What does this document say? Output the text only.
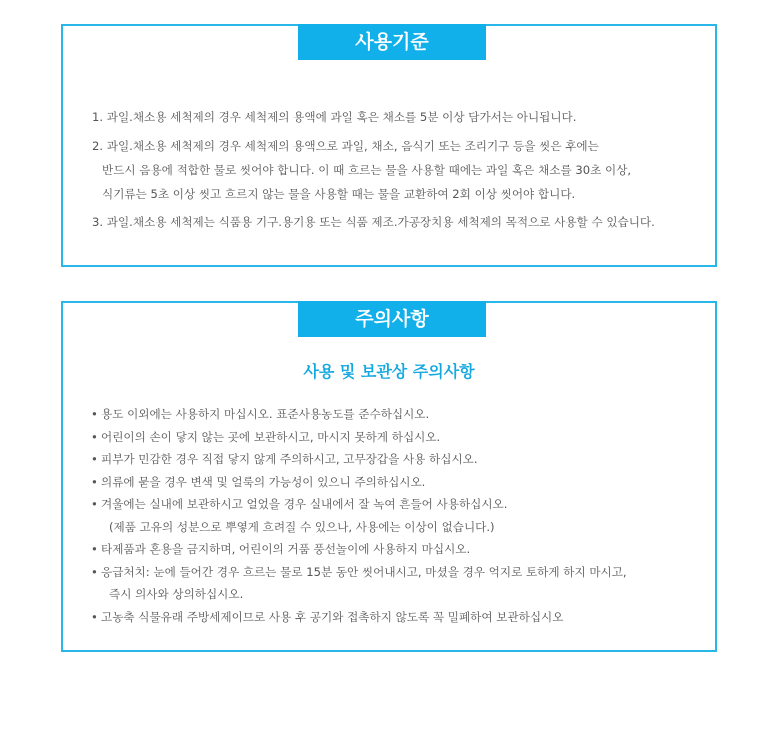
사용기준
1. 과일.채소용 세척제의 경우 세척제의 용액에 과일 혹은 채소를 5분 이상 담가서는 아니됩니다.
2. 과일.채소용 세척제의 경우 세척제의 용액으로 과일, 채소, 음식기 또는 조리기구 등을 씻은 후에는
반드시 음용에 적합한 물로 씻어야 합니다. 이 때 흐르는 물을 사용할 때에는 과일 혹은 채소를 30초 이상,
식기류는 5초 이상 씻고 흐르지 않는 물을 사용할 때는 물을 교환하여 2회 이상 씻어야 합니다.
3. 과일.채소용 세척제는 식품용 기구.용기용 또는 식품 제조.가공장치용 세척제의 목적으로 사용할 수 있습니다.
주의사항
사용 및 보관상 주의사항
• 용도 이외에는 사용하지 마십시오. 표준사용농도를 준수하십시오.
• 어린이의 손이 닿지 않는 곳에 보관하시고, 마시지 못하게 하십시오.
• 피부가 민감한 경우 직접 닿지 않게 주의하시고, 고무장갑을 사용 하십시오.
• 의류에 묻을 경우 변색 및 얼룩의 가능성이 있으니 주의하십시오.
• 겨울에는 실내에 보관하시고 얼었을 경우 실내에서 잘 녹여 흔들어 사용하십시오.
(제품 고유의 성분으로 뿌옇게 흐려질 수 있으나, 사용에는 이상이 없습니다.)
• 타제품과 혼용을 금지하며, 어린이의 거품 풍선놀이에 사용하지 마십시오.
• 응급처치: 눈에 들어간 경우 흐르는 물로 15분 동안 씻어내시고, 마셨을 경우 억지로 토하게 하지 마시고,
즉시 의사와 상의하십시오.
• 고농축 식물유래 주방세제이므로 사용 후 공기와 접촉하지 않도록 꼭 밀폐하여 보관하십시오
